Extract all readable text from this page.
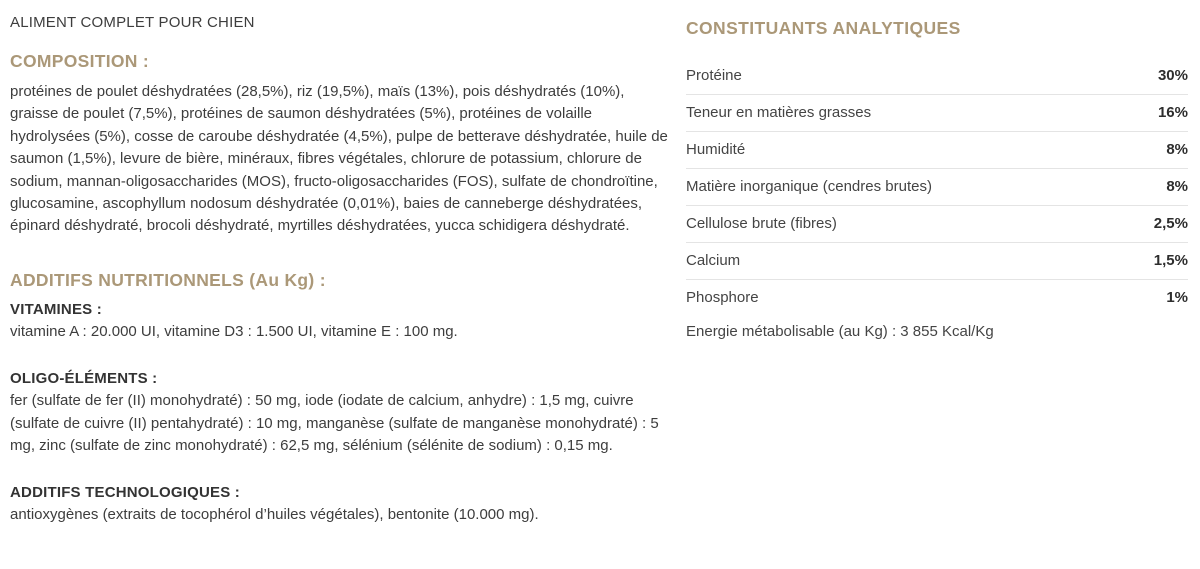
ALIMENT COMPLET POUR CHIEN
COMPOSITION :
protéines de poulet déshydratées (28,5%), riz (19,5%), maïs (13%), pois déshydratés (10%), graisse de poulet (7,5%), protéines de saumon déshydratées (5%), protéines de volaille hydrolysées (5%), cosse de caroube déshydratée (4,5%), pulpe de betterave déshydratée, huile de saumon (1,5%), levure de bière, minéraux, fibres végétales, chlorure de potassium, chlorure de sodium, mannan-oligosaccharides (MOS), fructo-oligosaccharides (FOS), sulfate de chondroïtine, glucosamine, ascophyllum nodosum déshydratée (0,01%), baies de canneberge déshydratées, épinard déshydraté, brocoli déshydraté, myrtilles déshydratées, yucca schidigera déshydraté.
ADDITIFS NUTRITIONNELS (Au Kg) :
VITAMINES :
vitamine A : 20.000 UI, vitamine D3 : 1.500 UI, vitamine E : 100 mg.
OLIGO-ÉLÉMENTS :
fer (sulfate de fer (II) monohydraté) : 50 mg, iode (iodate de calcium, anhydre) : 1,5 mg, cuivre (sulfate de cuivre (II) pentahydraté) : 10 mg, manganèse (sulfate de manganèse monohydraté) : 5 mg, zinc (sulfate de zinc monohydraté) : 62,5 mg, sélénium (sélénite de sodium) : 0,15 mg.
ADDITIFS TECHNOLOGIQUES :
antioxygènes (extraits de tocophérol d’huiles végétales), bentonite (10.000 mg).
CONSTITUANTS ANALYTIQUES
Protéine	30%
Teneur en matières grasses	16%
Humidité	8%
Matière inorganique (cendres brutes)	8%
Cellulose brute (fibres)	2,5%
Calcium	1,5%
Phosphore	1%
Energie métabolisable (au Kg) : 3 855 Kcal/Kg
